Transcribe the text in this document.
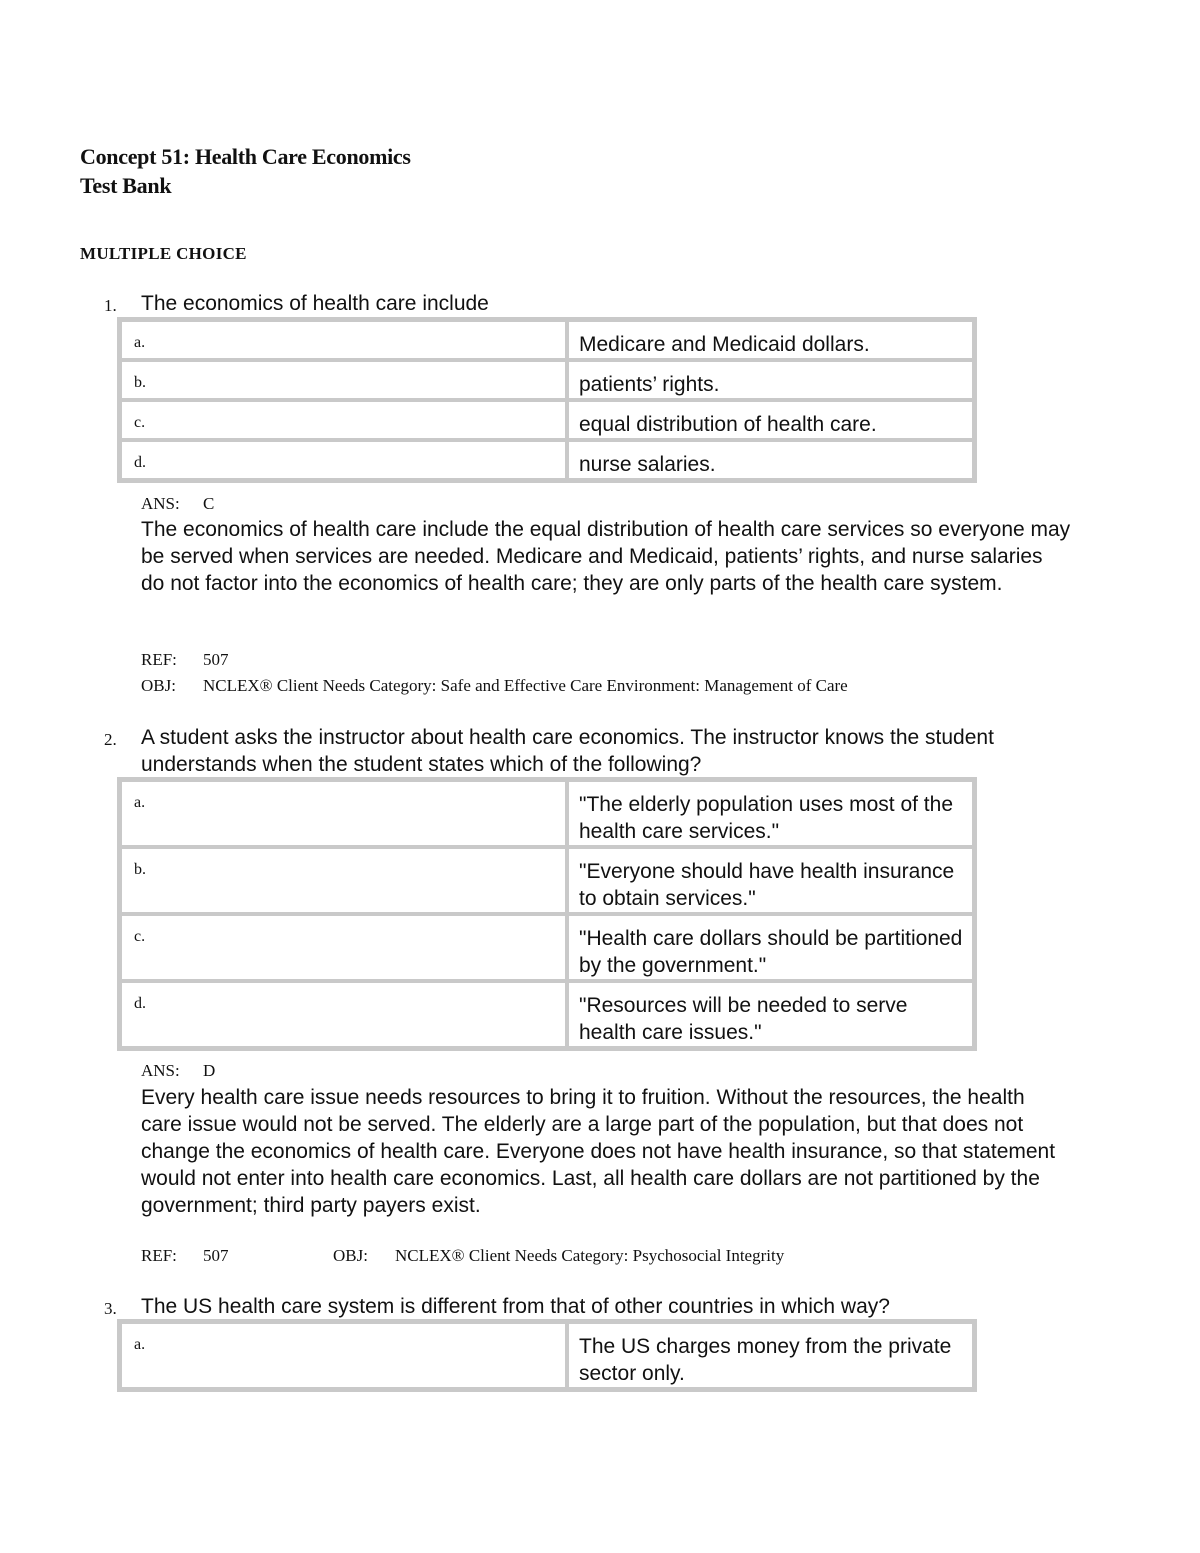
Concept 51: Health Care Economics
Test Bank
MULTIPLE CHOICE
1. The economics of health care include
a.	Medicare and Medicaid dollars.
b.	patients’ rights.
c.	equal distribution of health care.
d.	nurse salaries.
ANS: C
The economics of health care include the equal distribution of health care services so everyone may be served when services are needed. Medicare and Medicaid, patients’ rights, and nurse salaries do not factor into the economics of health care; they are only parts of the health care system.
REF: 507
OBJ: NCLEX® Client Needs Category: Safe and Effective Care Environment: Management of Care
2. A student asks the instructor about health care economics. The instructor knows the student understands when the student states which of the following?
a.	"The elderly population uses most of the health care services."
b.	"Everyone should have health insurance to obtain services."
c.	"Health care dollars should be partitioned by the government."
d.	"Resources will be needed to serve health care issues."
ANS: D
Every health care issue needs resources to bring it to fruition. Without the resources, the health care issue would not be served. The elderly are a large part of the population, but that does not change the economics of health care. Everyone does not have health insurance, so that statement would not enter into health care economics. Last, all health care dollars are not partitioned by the government; third party payers exist.
REF: 507	OBJ: NCLEX® Client Needs Category: Psychosocial Integrity
3. The US health care system is different from that of other countries in which way?
a.	The US charges money from the private sector only.
